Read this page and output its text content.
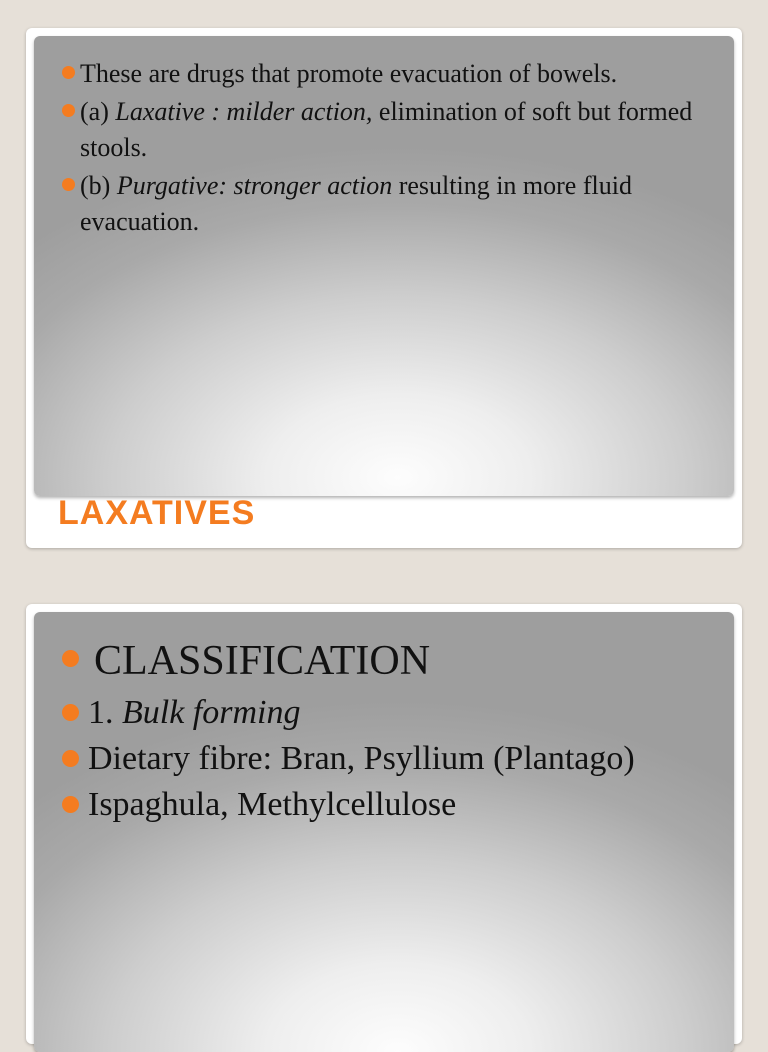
These are drugs that promote evacuation of bowels.
(a) Laxative : milder action, elimination of soft but formed stools.
(b) Purgative: stronger action resulting in more fluid evacuation.
LAXATIVES
CLASSIFICATION
1. Bulk forming
Dietary fibre: Bran, Psyllium (Plantago)
Ispaghula, Methylcellulose
